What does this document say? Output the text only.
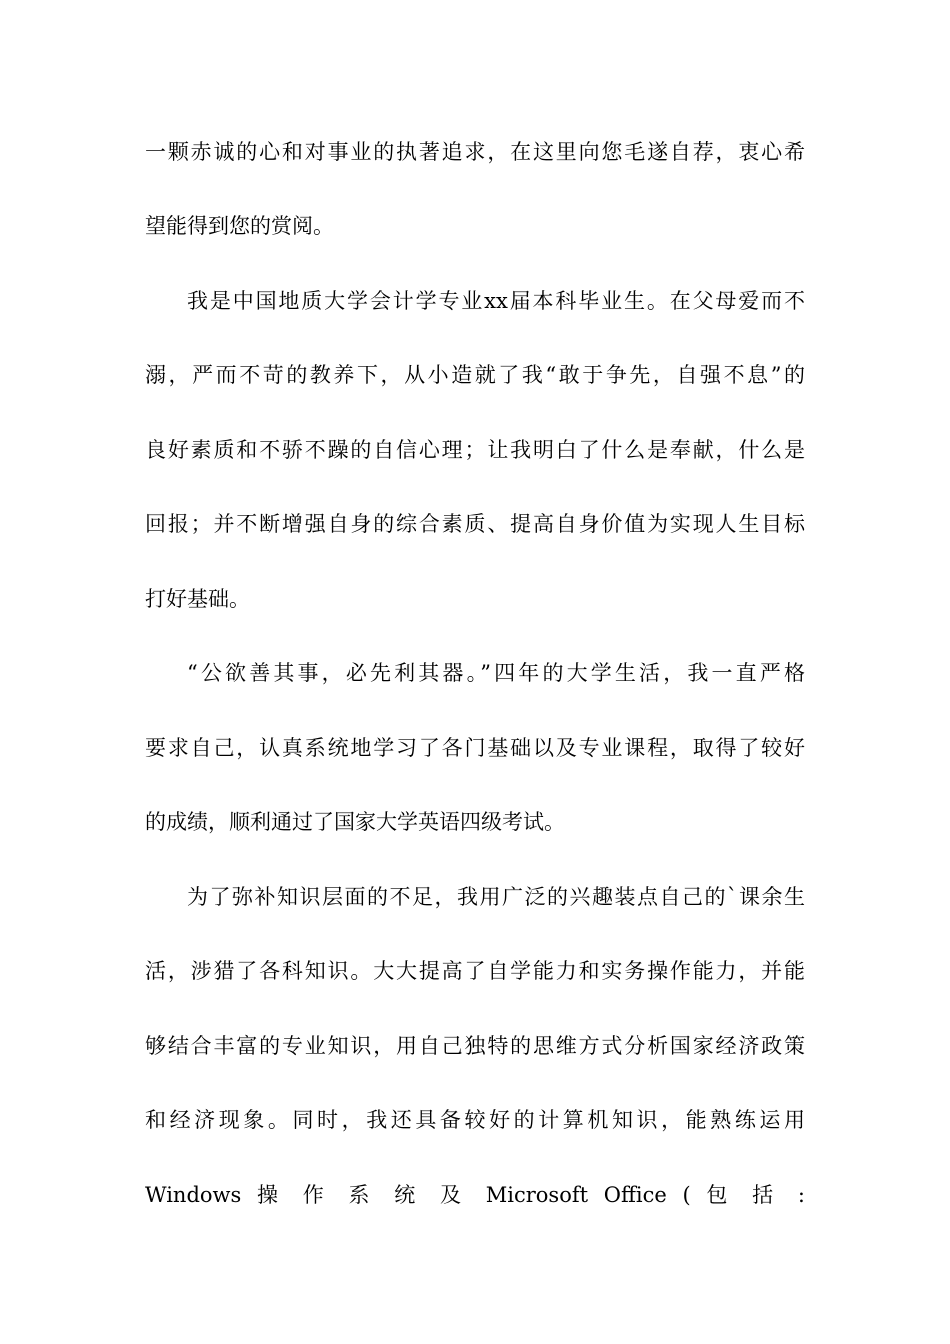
一颗赤诚的心和对事业的执著追求，在这里向您毛遂自荐，衷心希
望能得到您的赏阅。
我是中国地质大学会计学专业xx届本科毕业生。在父母爱而不
溺，严而不苛的教养下，从小造就了我“敢于争先，自强不息”的
良好素质和不骄不躁的自信心理；让我明白了什么是奉献，什么是
回报；并不断增强自身的综合素质、提高自身价值为实现人生目标
打好基础。
“公欲善其事，必先利其器。”四年的大学生活，我一直严格
要求自己，认真系统地学习了各门基础以及专业课程，取得了较好
的成绩，顺利通过了国家大学英语四级考试。
为了弥补知识层面的不足，我用广泛的兴趣装点自己的`课余生
活，涉猎了各科知识。大大提高了自学能力和实务操作能力，并能
够结合丰富的专业知识，用自己独特的思维方式分析国家经济政策
和经济现象。同时，我还具备较好的计算机知识，能熟练运用
Windows 操 作 系 统 及 Microsoft Office ( 包 括 :
